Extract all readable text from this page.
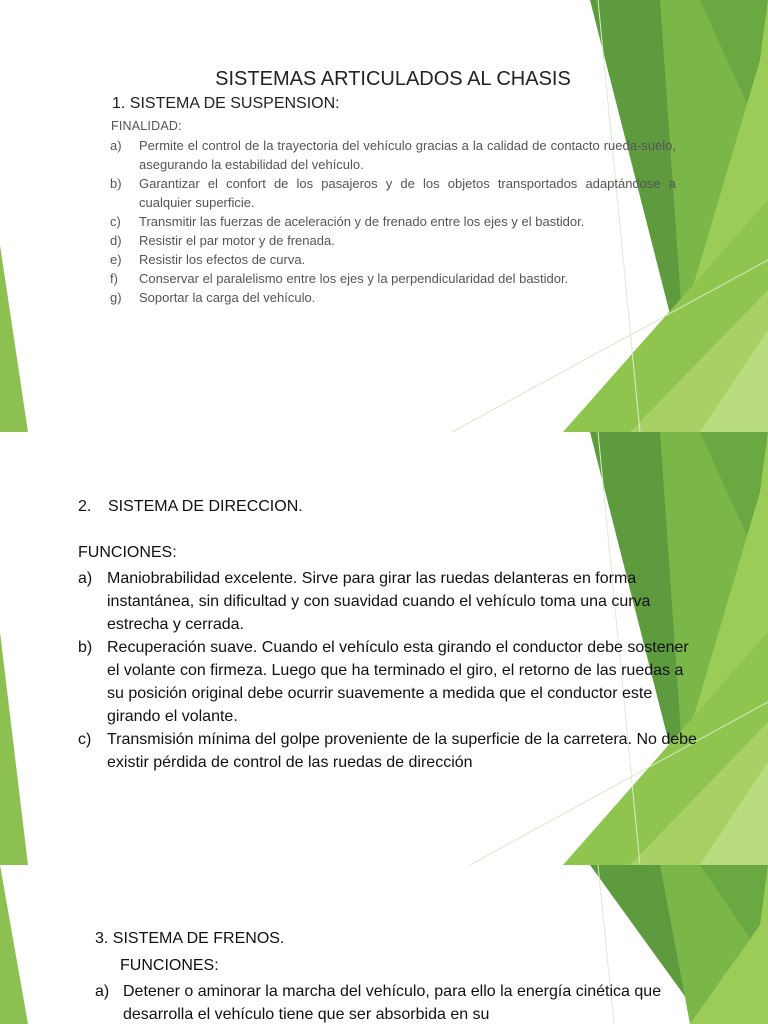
SISTEMAS ARTICULADOS AL CHASIS
1. SISTEMA DE SUSPENSION:
FINALIDAD:
a)	Permite el control de la trayectoria del vehículo gracias a la calidad de contacto rueda-suelo, asegurando la estabilidad del vehículo.
b)	Garantizar el confort de los pasajeros y de los objetos transportados adaptándose a cualquier superficie.
c)	Transmitir las fuerzas de aceleración y de frenado entre los ejes y el bastidor.
d)	Resistir el par motor y de frenada.
e)	Resistir los efectos de curva.
f)	Conservar el paralelismo entre los ejes y la perpendicularidad del bastidor.
g)	Soportar la carga del vehículo.
2. SISTEMA DE DIRECCION.
FUNCIONES:
a) Maniobrabilidad excelente. Sirve para girar las ruedas delanteras en forma instantánea, sin dificultad y con suavidad cuando el vehículo toma una curva estrecha y cerrada.
b) Recuperación suave. Cuando el vehículo esta girando el conductor debe sostener el volante con firmeza. Luego que ha terminado el giro, el retorno de las ruedas a su posición original debe ocurrir suavemente a medida que el conductor este girando el volante.
c) Transmisión mínima del golpe proveniente de la superficie de la carretera. No debe existir pérdida de control de las ruedas de dirección
3. SISTEMA DE FRENOS.
FUNCIONES:
a) Detener o aminorar la marcha del vehículo, para ello la energía cinética que desarrolla el vehículo tiene que ser absorbida en su
